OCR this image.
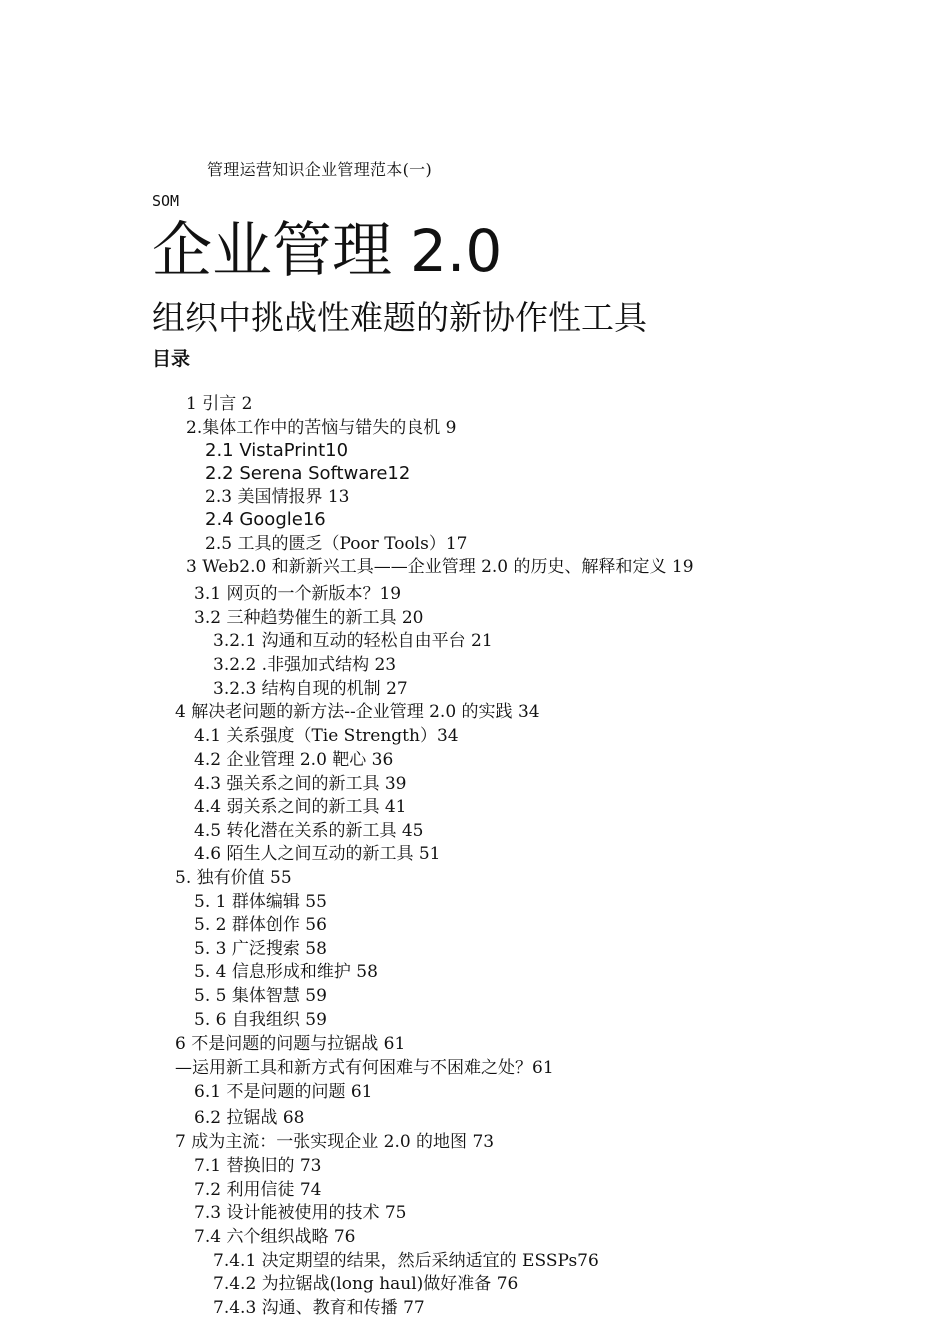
管理运营知识企业管理范本(一)
SOM
企业管理 2.0
组织中挑战性难题的新协作性工具
目录
1 引言 2
2.集体工作中的苦恼与错失的良机 9
2.1 VistaPrint10
2.2 Serena Software12
2.3 美国情报界 13
2.4 Google16
2.5 工具的匮乏（Poor Tools）17
3 Web2.0 和新新兴工具——企业管理 2.0 的历史、解释和定义 19
3.1 网页的一个新版本？19
3.2 三种趋势催生的新工具 20
3.2.1 沟通和互动的轻松自由平台 21
3.2.2 .非强加式结构 23
3.2.3 结构自现的机制 27
4 解决老问题的新方法--企业管理 2.0 的实践 34
4.1 关系强度（Tie Strength）34
4.2 企业管理 2.0 靶心 36
4.3 强关系之间的新工具 39
4.4 弱关系之间的新工具 41
4.5 转化潜在关系的新工具 45
4.6 陌生人之间互动的新工具 51
5. 独有价值 55
5. 1 群体编辑 55
5. 2 群体创作 56
5. 3 广泛搜索 58
5. 4 信息形成和维护 58
5. 5 集体智慧 59
5. 6 自我组织 59
6 不是问题的问题与拉锯战 61
—运用新工具和新方式有何困难与不困难之处？61
6.1 不是问题的问题 61
6.2 拉锯战 68
7 成为主流：一张实现企业 2.0 的地图 73
7.1 替换旧的 73
7.2 利用信徒 74
7.3 设计能被使用的技术 75
7.4 六个组织战略 76
7.4.1 决定期望的结果，然后采纳适宜的 ESSPs76
7.4.2 为拉锯战(long haul)做好准备 76
7.4.3 沟通、教育和传播 77
